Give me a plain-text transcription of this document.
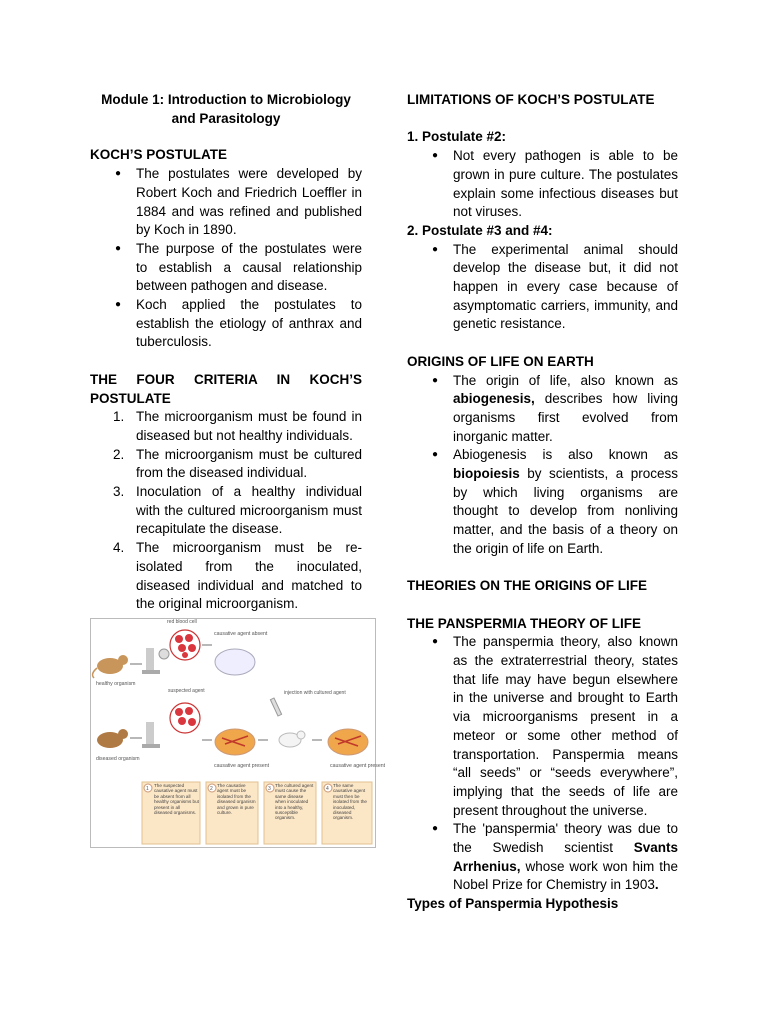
Module 1: Introduction to Microbiology
and Parasitology

KOCH’S POSTULATE

● The postulates were developed by Robert Koch and Friedrich Loeffler in 1884 and was refined and published by Koch in 1890.
● The purpose of the postulates were to establish a causal relationship between pathogen and disease.
● Koch applied the postulates to establish the etiology of anthrax and tuberculosis.

THE FOUR CRITERIA IN KOCH’S POSTULATE

1. The microorganism must be found in diseased but not healthy individuals.
2. The microorganism must be cultured from the diseased individual.
3. Inoculation of a healthy individual with the cultured microorganism must recapitulate the disease.
4. The microorganism must be re-isolated from the inoculated, diseased individual and matched to the original microorganism.
healthy organism
red blood cell
causative agent absent
diseased organism
suspected agent
causative agent present
injection with cultured agent
causative agent present
1
The suspected causative agent must be absent from all healthy organisms but present in all diseased organisms.
2
The causative agent must be isolated from the diseased organism and grown in pure culture.
3
The cultured agent must cause the same disease when inoculated into a healthy, susceptible organism.
4
The same causative agent must then be isolated from the inoculated, diseased organism.

LIMITATIONS OF KOCH’S POSTULATE

1. Postulate #2:

● Not every pathogen is able to be grown in pure culture. The postulates explain some infectious diseases but not viruses.

2. Postulate #3 and #4:

● The experimental animal should develop the disease but, it did not happen in every case because of asymptomatic carriers, immunity, and genetic resistance.

ORIGINS OF LIFE ON EARTH

● The origin of life, also known as abiogenesis, describes how living organisms first evolved from inorganic matter.
● Abiogenesis is also known as biopoiesis by scientists, a process by which living organisms are thought to develop from nonliving matter, and the basis of a theory on the origin of life on Earth.

THEORIES ON THE ORIGINS OF LIFE

THE PANSPERMIA THEORY OF LIFE

● The panspermia theory, also known as the extraterrestrial theory, states that life may have begun elsewhere in the universe and brought to Earth via microorganisms present in a meteor or some other method of transportation. Panspermia means “all seeds” or “seeds everywhere”, implying that the seeds of life are present throughout the universe.
● The 'panspermia' theory was due to the Swedish scientist Svants Arrhenius, whose work won him the Nobel Prize for Chemistry in 1903.

Types of Panspermia Hypothesis
